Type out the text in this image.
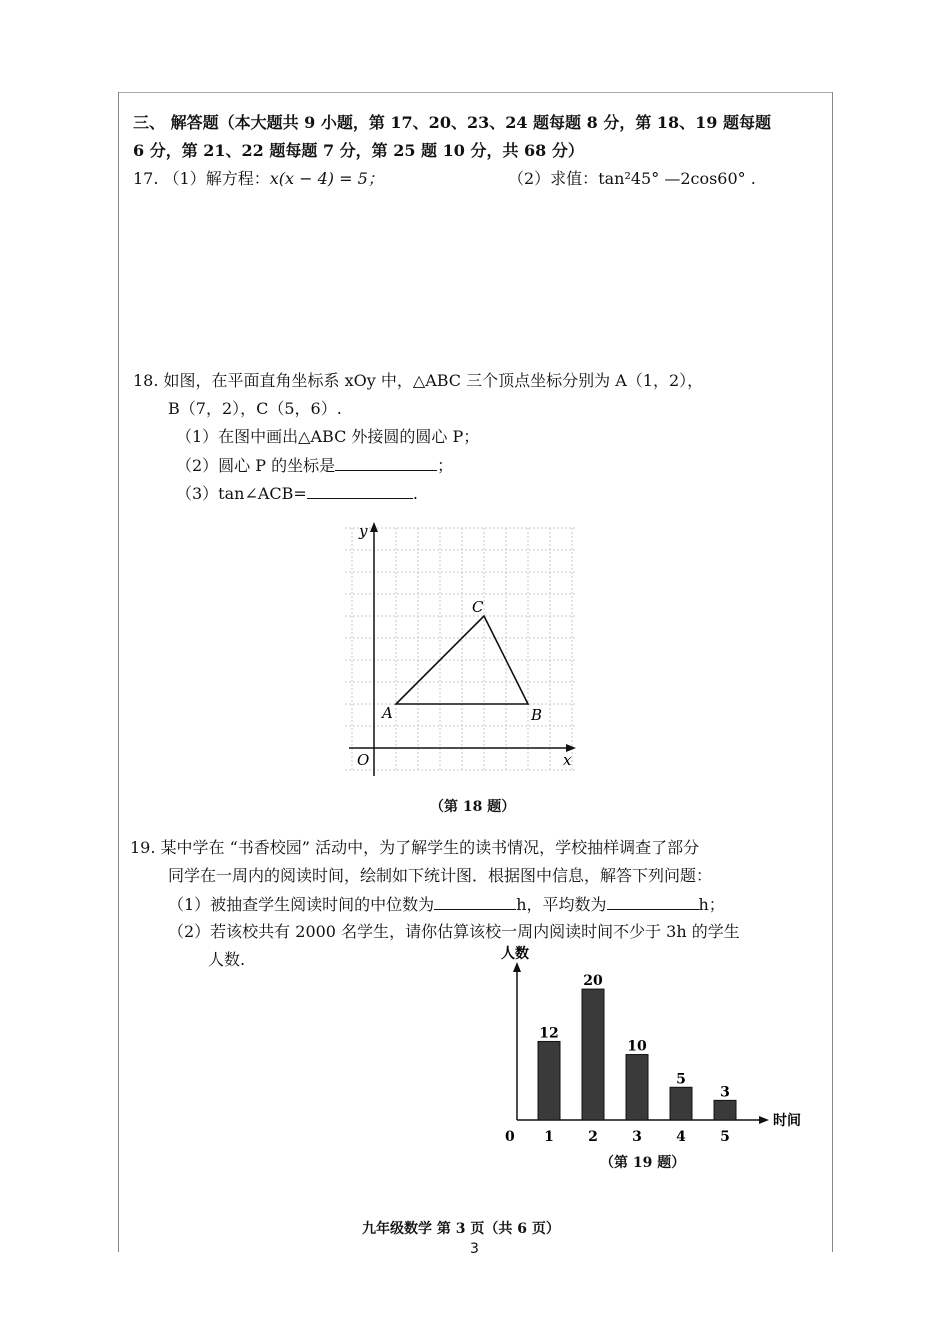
三、 解答题（本大题共 9 小题，第 17、20、23、24 题每题 8 分，第 18、19 题每题
6 分，第 21、22 题每题 7 分，第 25 题 10 分，共 68 分）
17. （1）解方程：x(x − 4) = 5；	（2）求值：tan²45° —2cos60° .
18. 如图，在平面直角坐标系 xOy 中，△ABC 三个顶点坐标分别为 A（1，2），
B（7，2），C（5，6）.
（1）在图中画出△ABC 外接圆的圆心 P；
（2）圆心 P 的坐标是	；
（3）tan∠ACB=	.
y
x
O
A	B
C
（第 18 题）
19. 某中学在 “书香校园” 活动中，为了解学生的读书情况，学校抽样调查了部分
同学在一周内的阅读时间，绘制如下统计图．根据图中信息，解答下列问题：
（1）被抽查学生阅读时间的中位数为	h，平均数为	h；
（2）若该校共有 2000 名学生，请你估算该校一周内阅读时间不少于 3h 的学生
人数.	人数
时间
0
12
20
10
5
3
1 2 3 4 5
（第 19 题）
九年级数学 第 3 页（共 6 页）
3
